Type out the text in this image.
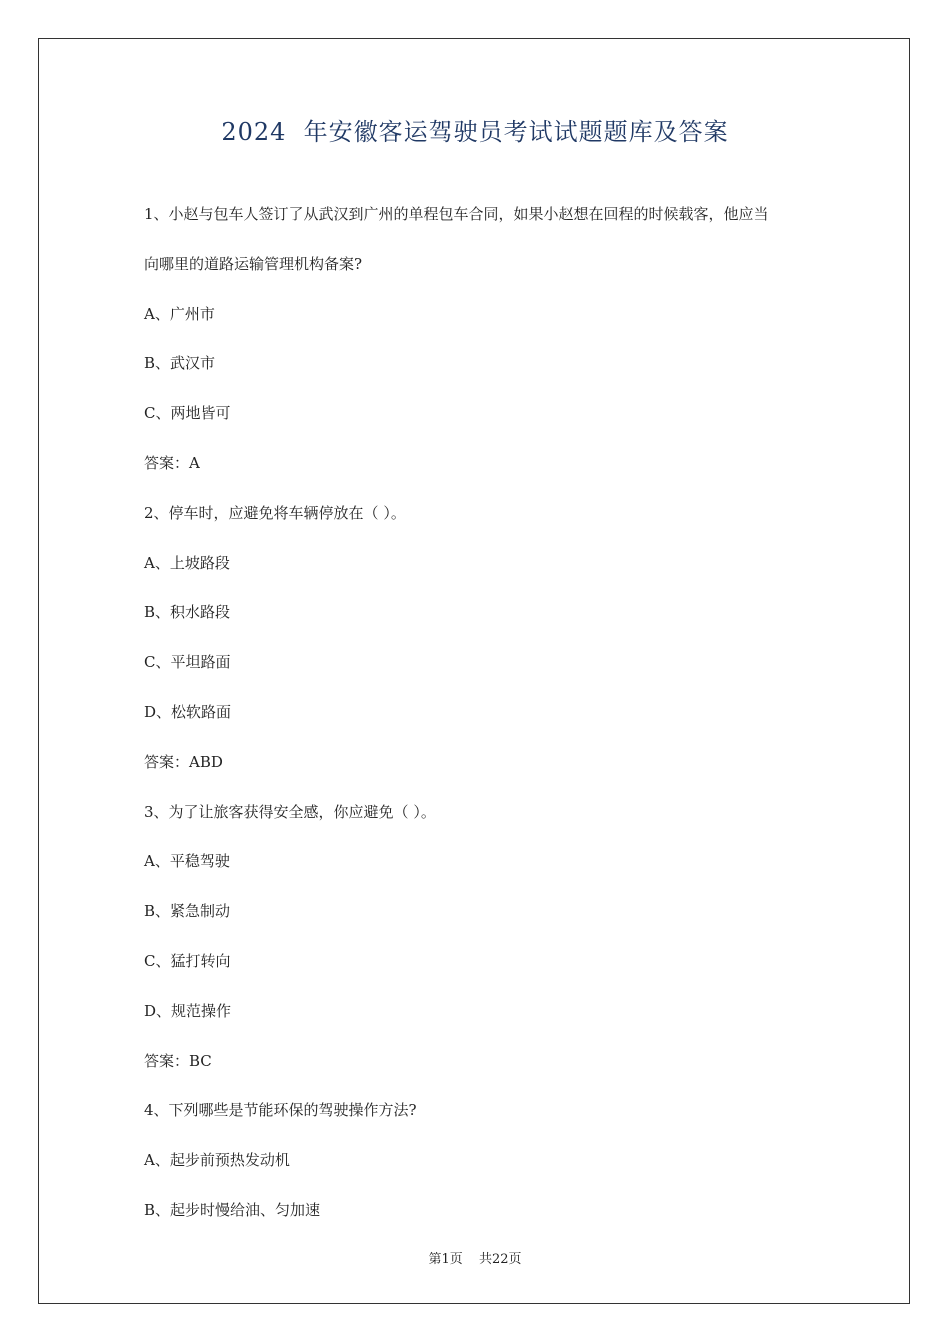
2024  年安徽客运驾驶员考试试题题库及答案
1、小赵与包车人签订了从武汉到广州的单程包车合同，如果小赵想在回程的时候载客，他应当
向哪里的道路运输管理机构备案?
A、广州市
B、武汉市
C、两地皆可
答案：A
2、停车时，应避免将车辆停放在（ ）。
A、上坡路段
B、积水路段
C、平坦路面
D、松软路面
答案：ABD
3、为了让旅客获得安全感，你应避免（ ）。
A、平稳驾驶
B、紧急制动
C、猛打转向
D、规范操作
答案：BC
4、下列哪些是节能环保的驾驶操作方法?
A、起步前预热发动机
B、起步时慢给油、匀加速
第1页 共22页
